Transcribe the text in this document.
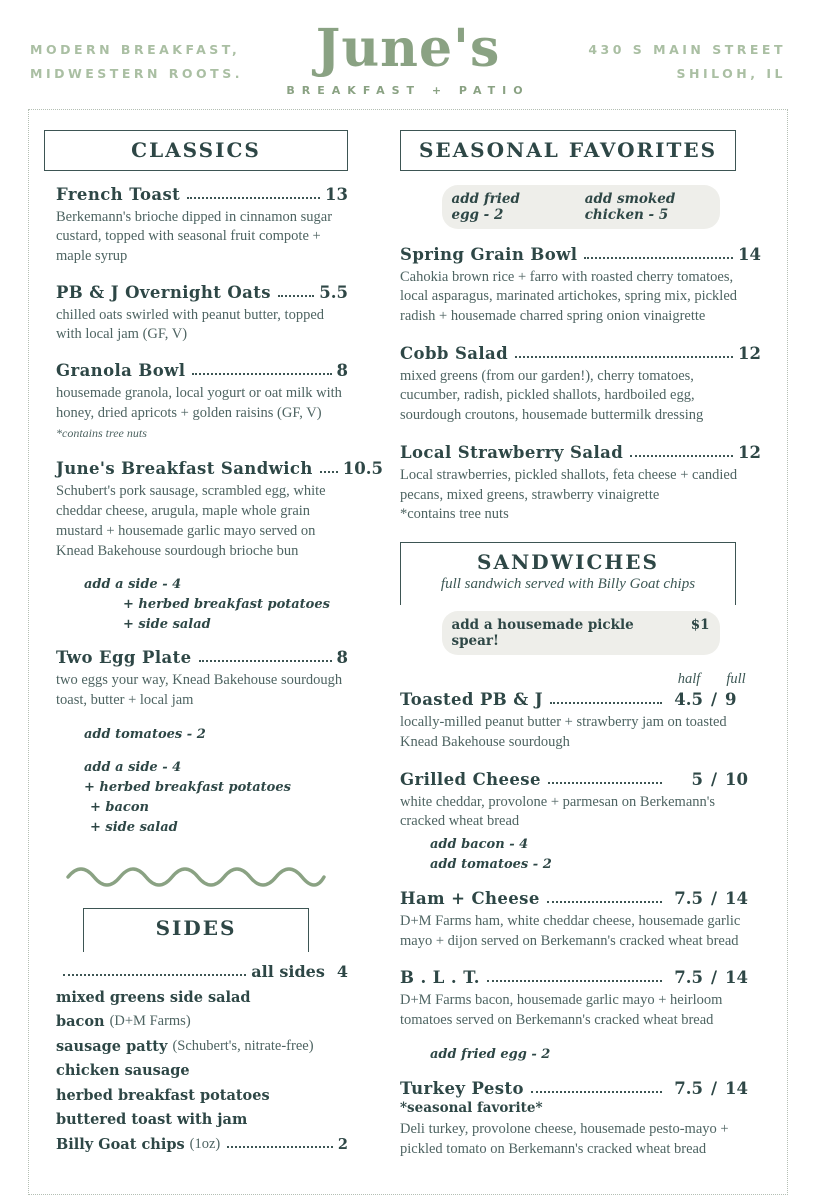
MODERN BREAKFAST,
MIDWESTERN ROOTS.	June's
BREAKFAST + PATIO
430 S MAIN STREET
SHILOH, IL
CLASSICS
French Toast	13
Berkemann's brioche dipped in cinnamon sugar custard, topped with seasonal fruit compote + maple syrup
PB & J Overnight Oats	5.5
chilled oats swirled with peanut butter, topped with local jam (GF, V)
Granola Bowl	8
housemade granola, local yogurt or oat milk with honey, dried apricots + golden raisins (GF, V) *contains tree nuts
June's Breakfast Sandwich 10.5
Schubert's pork sausage, scrambled egg, white cheddar cheese, arugula, maple whole grain mustard + housemade garlic mayo served on Knead Bakehouse sourdough brioche bun
add a side - 4
+ herbed breakfast potatoes
+ side salad
Two Egg Plate	8
two eggs your way, Knead Bakehouse sourdough toast, butter + local jam
add tomatoes - 2
add a side - 4
+ herbed breakfast potatoes
+ bacon
+ side salad
SIDES
all sides 4
mixed greens side salad
bacon (D+M Farms)
sausage patty (Schubert's, nitrate-free)
chicken sausage
herbed breakfast potatoes
buttered toast with jam
Billy Goat chips (1oz)	2
SEASONAL FAVORITES
add fried egg - 2
add smoked chicken - 5
Spring Grain Bowl	14
Cahokia brown rice + farro with roasted cherry tomatoes, local asparagus, marinated artichokes, spring mix, pickled radish + housemade charred spring onion vinaigrette
Cobb Salad	12
mixed greens (from our garden!), cherry tomatoes, cucumber, radish, pickled shallots, hardboiled egg, sourdough croutons, housemade buttermilk dressing
Local Strawberry Salad	12
Local strawberries, pickled shallots, feta cheese + candied pecans, mixed greens, strawberry vinaigrette
*contains tree nuts
SANDWICHES
full sandwich served with Billy Goat chips
add a housemade pickle spear!
$1
half	full
Toasted PB & J	4.5 / 9
locally-milled peanut butter + strawberry jam on toasted Knead Bakehouse sourdough
Grilled Cheese	5 / 10
white cheddar, provolone + parmesan on Berkemann's cracked wheat bread
add bacon - 4
add tomatoes - 2
Ham + Cheese	7.5 / 14
D+M Farms ham, white cheddar cheese, housemade garlic mayo + dijon served on Berkemann's cracked wheat bread
B . L . T.	7.5 / 14
D+M Farms bacon, housemade garlic mayo + heirloom tomatoes served on Berkemann's cracked wheat bread
add fried egg - 2
Turkey Pesto	7.5 / 14
*seasonal favorite*
Deli turkey, provolone cheese, housemade pesto-mayo + pickled tomato on Berkemann's cracked wheat bread
